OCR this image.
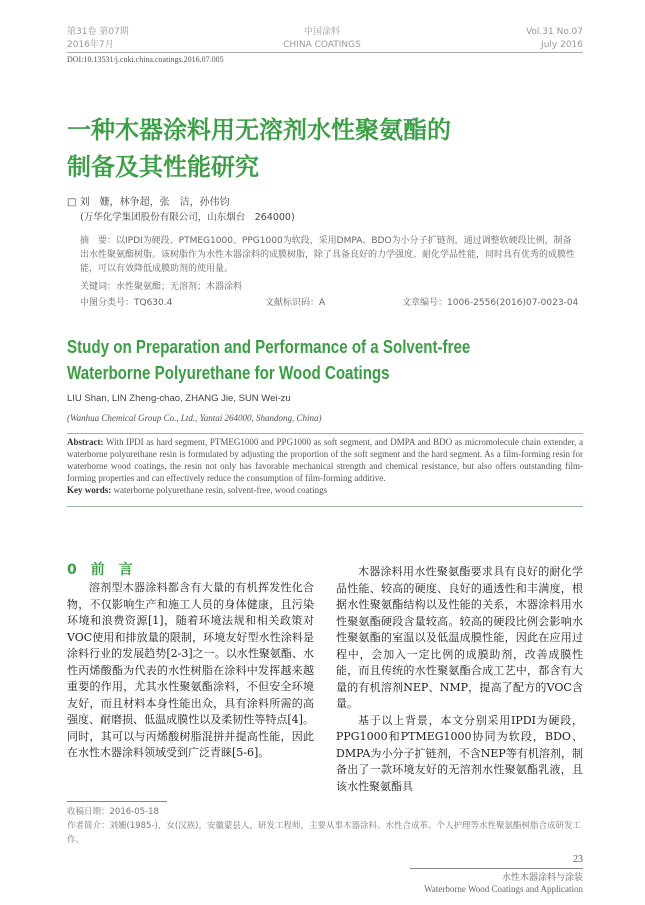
第31卷 第07期
2016年7月
中国涂料
CHINA COATINGS
Vol.31 No.07
July 2016
DOI:10.13531/j.cnki.china.coatings.2016.07.005
一种木器涂料用无溶剂水性聚氨酯的
制备及其性能研究
□ 刘　姗，林争超，张　洁，孙伟钧
(万华化学集团股份有限公司，山东烟台　264000)
摘　要：以IPDI为硬段、PTMEG1000、PPG1000为软段，采用DMPA、BDO为小分子扩链剂，通过调整软硬段比例，制备出水性聚氨酯树脂。该树脂作为水性木器涂料的成膜树脂，除了具备良好的力学强度、耐化学品性能，同时具有优秀的成膜性能，可以有效降低成膜助剂的使用量。
关键词：水性聚氨酯；无溶剂；木器涂料
中图分类号：TQ630.4	文献标识码：A	文章编号：1006-2556(2016)07-0023-04
Study on Preparation and Performance of a Solvent-free
Waterborne Polyurethane for Wood Coatings
LIU Shan, LIN Zheng-chao, ZHANG Jie, SUN Wei-zu
(Wanhua Chemical Group Co., Ltd., Yantai 264000, Shandong, China)
Abstract: With IPDI as hard segment, PTMEG1000 and PPG1000 as soft segment, and DMPA and BDO as micromolecule chain extender, a waterborne polyurethane resin is formulated by adjusting the proportion of the soft segment and the hard segment. As a film-forming resin for waterborne wood coatings, the resin not only has favorable mechanical strength and chemical resistance, but also offers outstanding film-forming properties and can effectively reduce the consumption of film-forming additive.
Key words: waterborne polyurethane resin, solvent-free, wood coatings
0　前　言
溶剂型木器涂料都含有大量的有机挥发性化合物，不仅影响生产和施工人员的身体健康，且污染环境和浪费资源[1]，随着环境法规和相关政策对VOC使用和排放量的限制，环境友好型水性涂料是涂料行业的发展趋势[2-3]之一。以水性聚氨酯、水性丙烯酸酯为代表的水性树脂在涂料中发挥越来越重要的作用，尤其水性聚氨酯涂料，不但安全环境友好，而且材料本身性能出众，具有涂料所需的高强度、耐磨损、低温成膜性以及柔韧性等特点[4]。同时，其可以与丙烯酸树脂混拼并提高性能，因此在水性木器涂料领域受到广泛青睐[5-6]。
木器涂料用水性聚氨酯要求具有良好的耐化学品性能、较高的硬度、良好的通透性和丰满度，根据水性聚氨酯结构以及性能的关系，木器涂料用水性聚氨酯硬段含量较高。较高的硬段比例会影响水性聚氨酯的室温以及低温成膜性能，因此在应用过程中，会加入一定比例的成膜助剂，改善成膜性能，而且传统的水性聚氨酯合成工艺中，都含有大量的有机溶剂NEP、NMP，提高了配方的VOC含量。
基于以上背景，本文分别采用IPDI为硬段，PPG1000和PTMEG1000协同为软段，BDO、DMPA为小分子扩链剂，不含NEP等有机溶剂，制备出了一款环境友好的无溶剂水性聚氨酯乳液，且该水性聚氨酯具
收稿日期：2016-05-18
作者简介：刘姗(1985-)，女(汉族)，安徽蒙县人，研发工程师，主要从事木器涂料、水性合成革、个人护理等水性聚氨酯树脂合成研发工作。
23
水性木器涂料与涂装
Waterborne Wood Coatings and Application
